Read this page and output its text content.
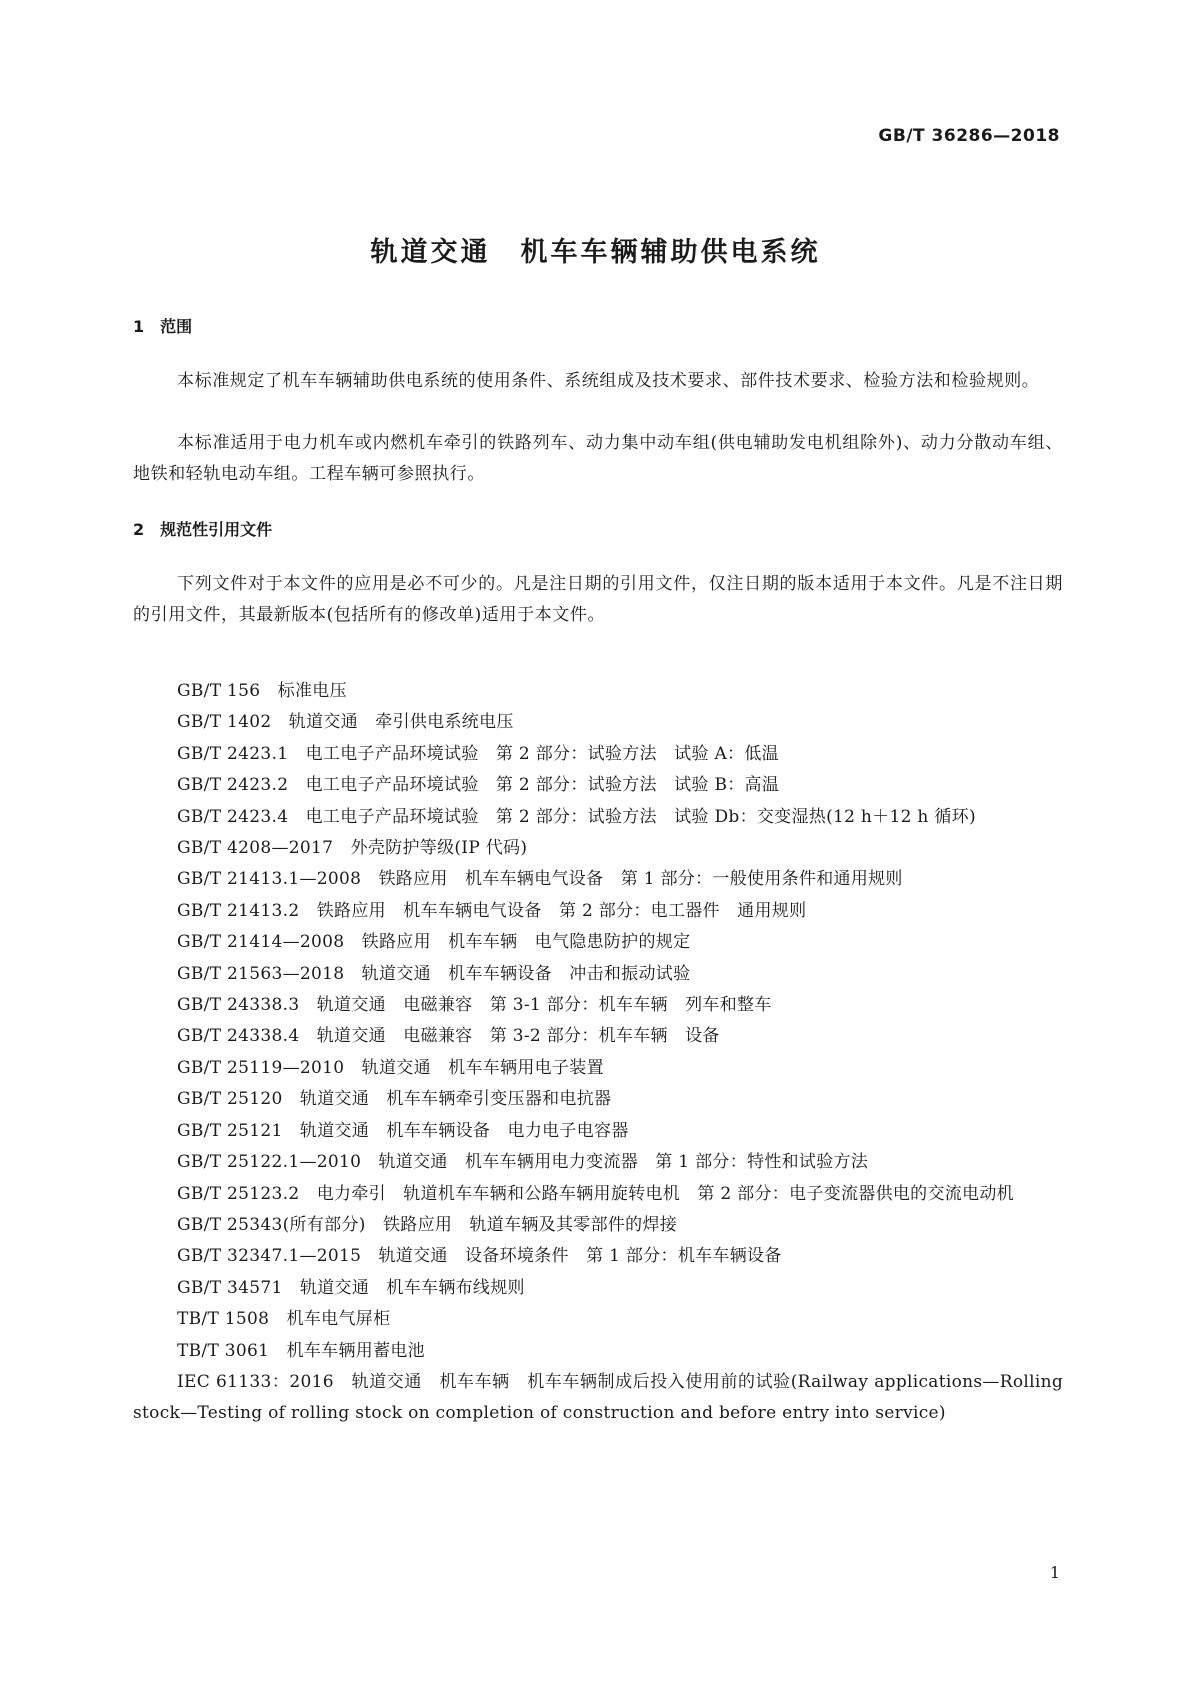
GB/T 36286—2018
轨道交通　机车车辆辅助供电系统
1　范围
本标准规定了机车车辆辅助供电系统的使用条件、系统组成及技术要求、部件技术要求、检验方法和检验规则。
本标准适用于电力机车或内燃机车牵引的铁路列车、动力集中动车组(供电辅助发电机组除外)、动力分散动车组、地铁和轻轨电动车组。工程车辆可参照执行。
2　规范性引用文件
下列文件对于本文件的应用是必不可少的。凡是注日期的引用文件，仅注日期的版本适用于本文件。凡是不注日期的引用文件，其最新版本(包括所有的修改单)适用于本文件。
GB/T 156　标准电压
GB/T 1402　轨道交通　牵引供电系统电压
GB/T 2423.1　电工电子产品环境试验　第 2 部分：试验方法　试验 A：低温
GB/T 2423.2　电工电子产品环境试验　第 2 部分：试验方法　试验 B：高温
GB/T 2423.4　电工电子产品环境试验　第 2 部分：试验方法　试验 Db：交变湿热(12 h＋12 h 循环)
GB/T 4208—2017　外壳防护等级(IP 代码)
GB/T 21413.1—2008　铁路应用　机车车辆电气设备　第 1 部分：一般使用条件和通用规则
GB/T 21413.2　铁路应用　机车车辆电气设备　第 2 部分：电工器件　通用规则
GB/T 21414—2008　铁路应用　机车车辆　电气隐患防护的规定
GB/T 21563—2018　轨道交通　机车车辆设备　冲击和振动试验
GB/T 24338.3　轨道交通　电磁兼容　第 3-1 部分：机车车辆　列车和整车
GB/T 24338.4　轨道交通　电磁兼容　第 3-2 部分：机车车辆　设备
GB/T 25119—2010　轨道交通　机车车辆用电子装置
GB/T 25120　轨道交通　机车车辆牵引变压器和电抗器
GB/T 25121　轨道交通　机车车辆设备　电力电子电容器
GB/T 25122.1—2010　轨道交通　机车车辆用电力变流器　第 1 部分：特性和试验方法
GB/T 25123.2　电力牵引　轨道机车车辆和公路车辆用旋转电机　第 2 部分：电子变流器供电的交流电动机
GB/T 25343(所有部分)　铁路应用　轨道车辆及其零部件的焊接
GB/T 32347.1—2015　轨道交通　设备环境条件　第 1 部分：机车车辆设备
GB/T 34571　轨道交通　机车车辆布线规则
TB/T 1508　机车电气屏柜
TB/T 3061　机车车辆用蓄电池
IEC 61133：2016　轨道交通　机车车辆　机车车辆制成后投入使用前的试验(Railway applications—Rolling stock—Testing of rolling stock on completion of construction and before entry into service)
1
